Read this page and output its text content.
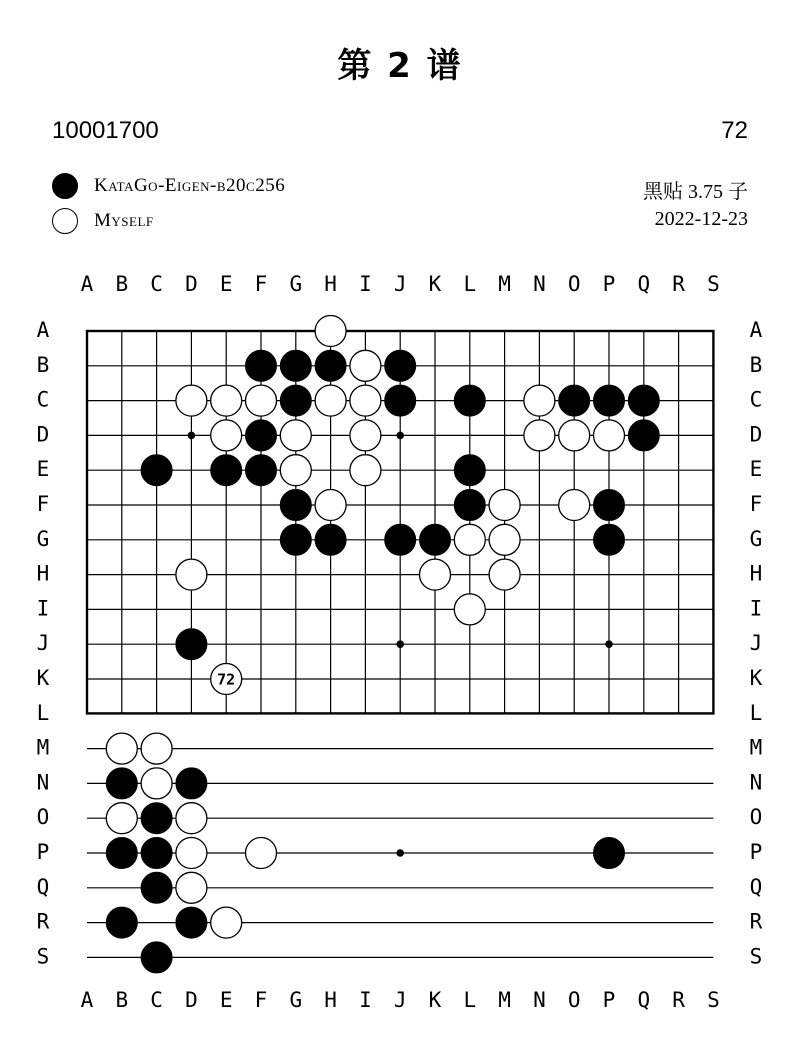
第 2 谱
10001700	72
KataGo-Eigen-b20c256
Myself
黑贴 3.75 子
2022-12-23
A
A
B
B
C
C
D
D
E
E
F
F
G
G
H
H
I
I
J
J
K
K
L
L
M
M
N
N
O
O
P
P
Q
Q
R
R
S
S
A	A
B	B
C	C
D	D
E	E
F	F
G	G
H	H
I	I
J	J
K	K
L	L
M	M
N	N
O	O
P	P
Q	Q
R	R
S	S
72
